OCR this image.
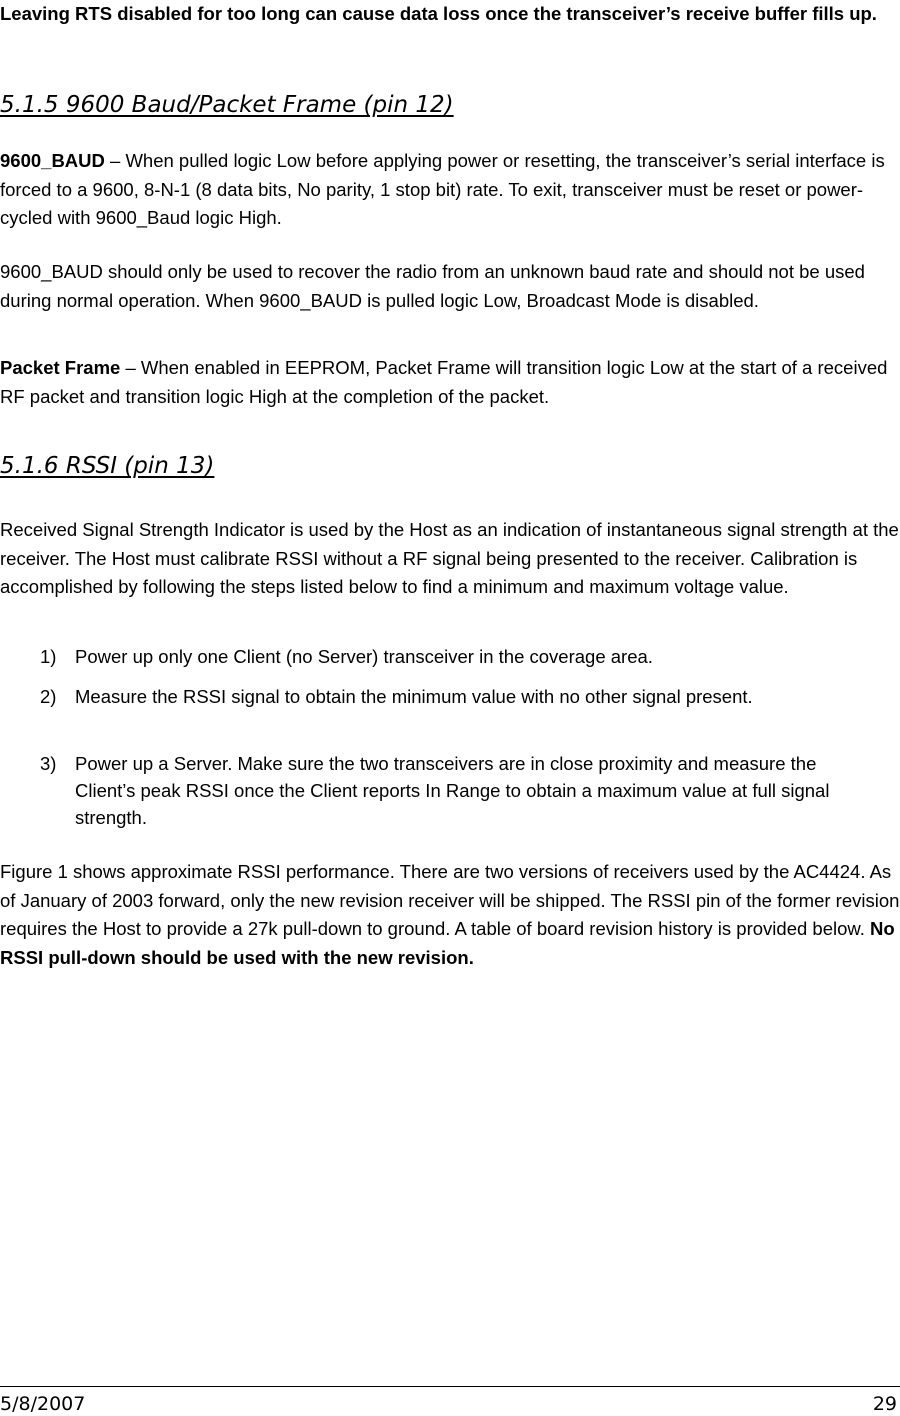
Leaving RTS disabled for too long can cause data loss once the transceiver’s receive buffer fills up.

5.1.5 9600 Baud/Packet Frame (pin 12)

9600_BAUD – When pulled logic Low before applying power or resetting, the transceiver’s serial interface is forced to a 9600, 8-N-1 (8 data bits, No parity, 1 stop bit) rate. To exit, transceiver must be reset or power-cycled with 9600_Baud logic High.

9600_BAUD should only be used to recover the radio from an unknown baud rate and should not be used during normal operation. When 9600_BAUD is pulled logic Low, Broadcast Mode is disabled.

Packet Frame – When enabled in EEPROM, Packet Frame will transition logic Low at the start of a received RF packet and transition logic High at the completion of the packet.

5.1.6 RSSI (pin 13)

Received Signal Strength Indicator is used by the Host as an indication of instantaneous signal strength at the receiver. The Host must calibrate RSSI without a RF signal being presented to the receiver. Calibration is accomplished by following the steps listed below to find a minimum and maximum voltage value.

1)	Power up only one Client (no Server) transceiver in the coverage area.
2)	Measure the RSSI signal to obtain the minimum value with no other signal present.
3)	Power up a Server. Make sure the two transceivers are in close proximity and measure the Client’s peak RSSI once the Client reports In Range to obtain a maximum value at full signal strength.

Figure 1 shows approximate RSSI performance. There are two versions of receivers used by the AC4424. As of January of 2003 forward, only the new revision receiver will be shipped. The RSSI pin of the former revision requires the Host to provide a 27k pull-down to ground. A table of board revision history is provided below. No RSSI pull-down should be used with the new revision.

5/8/2007	29
